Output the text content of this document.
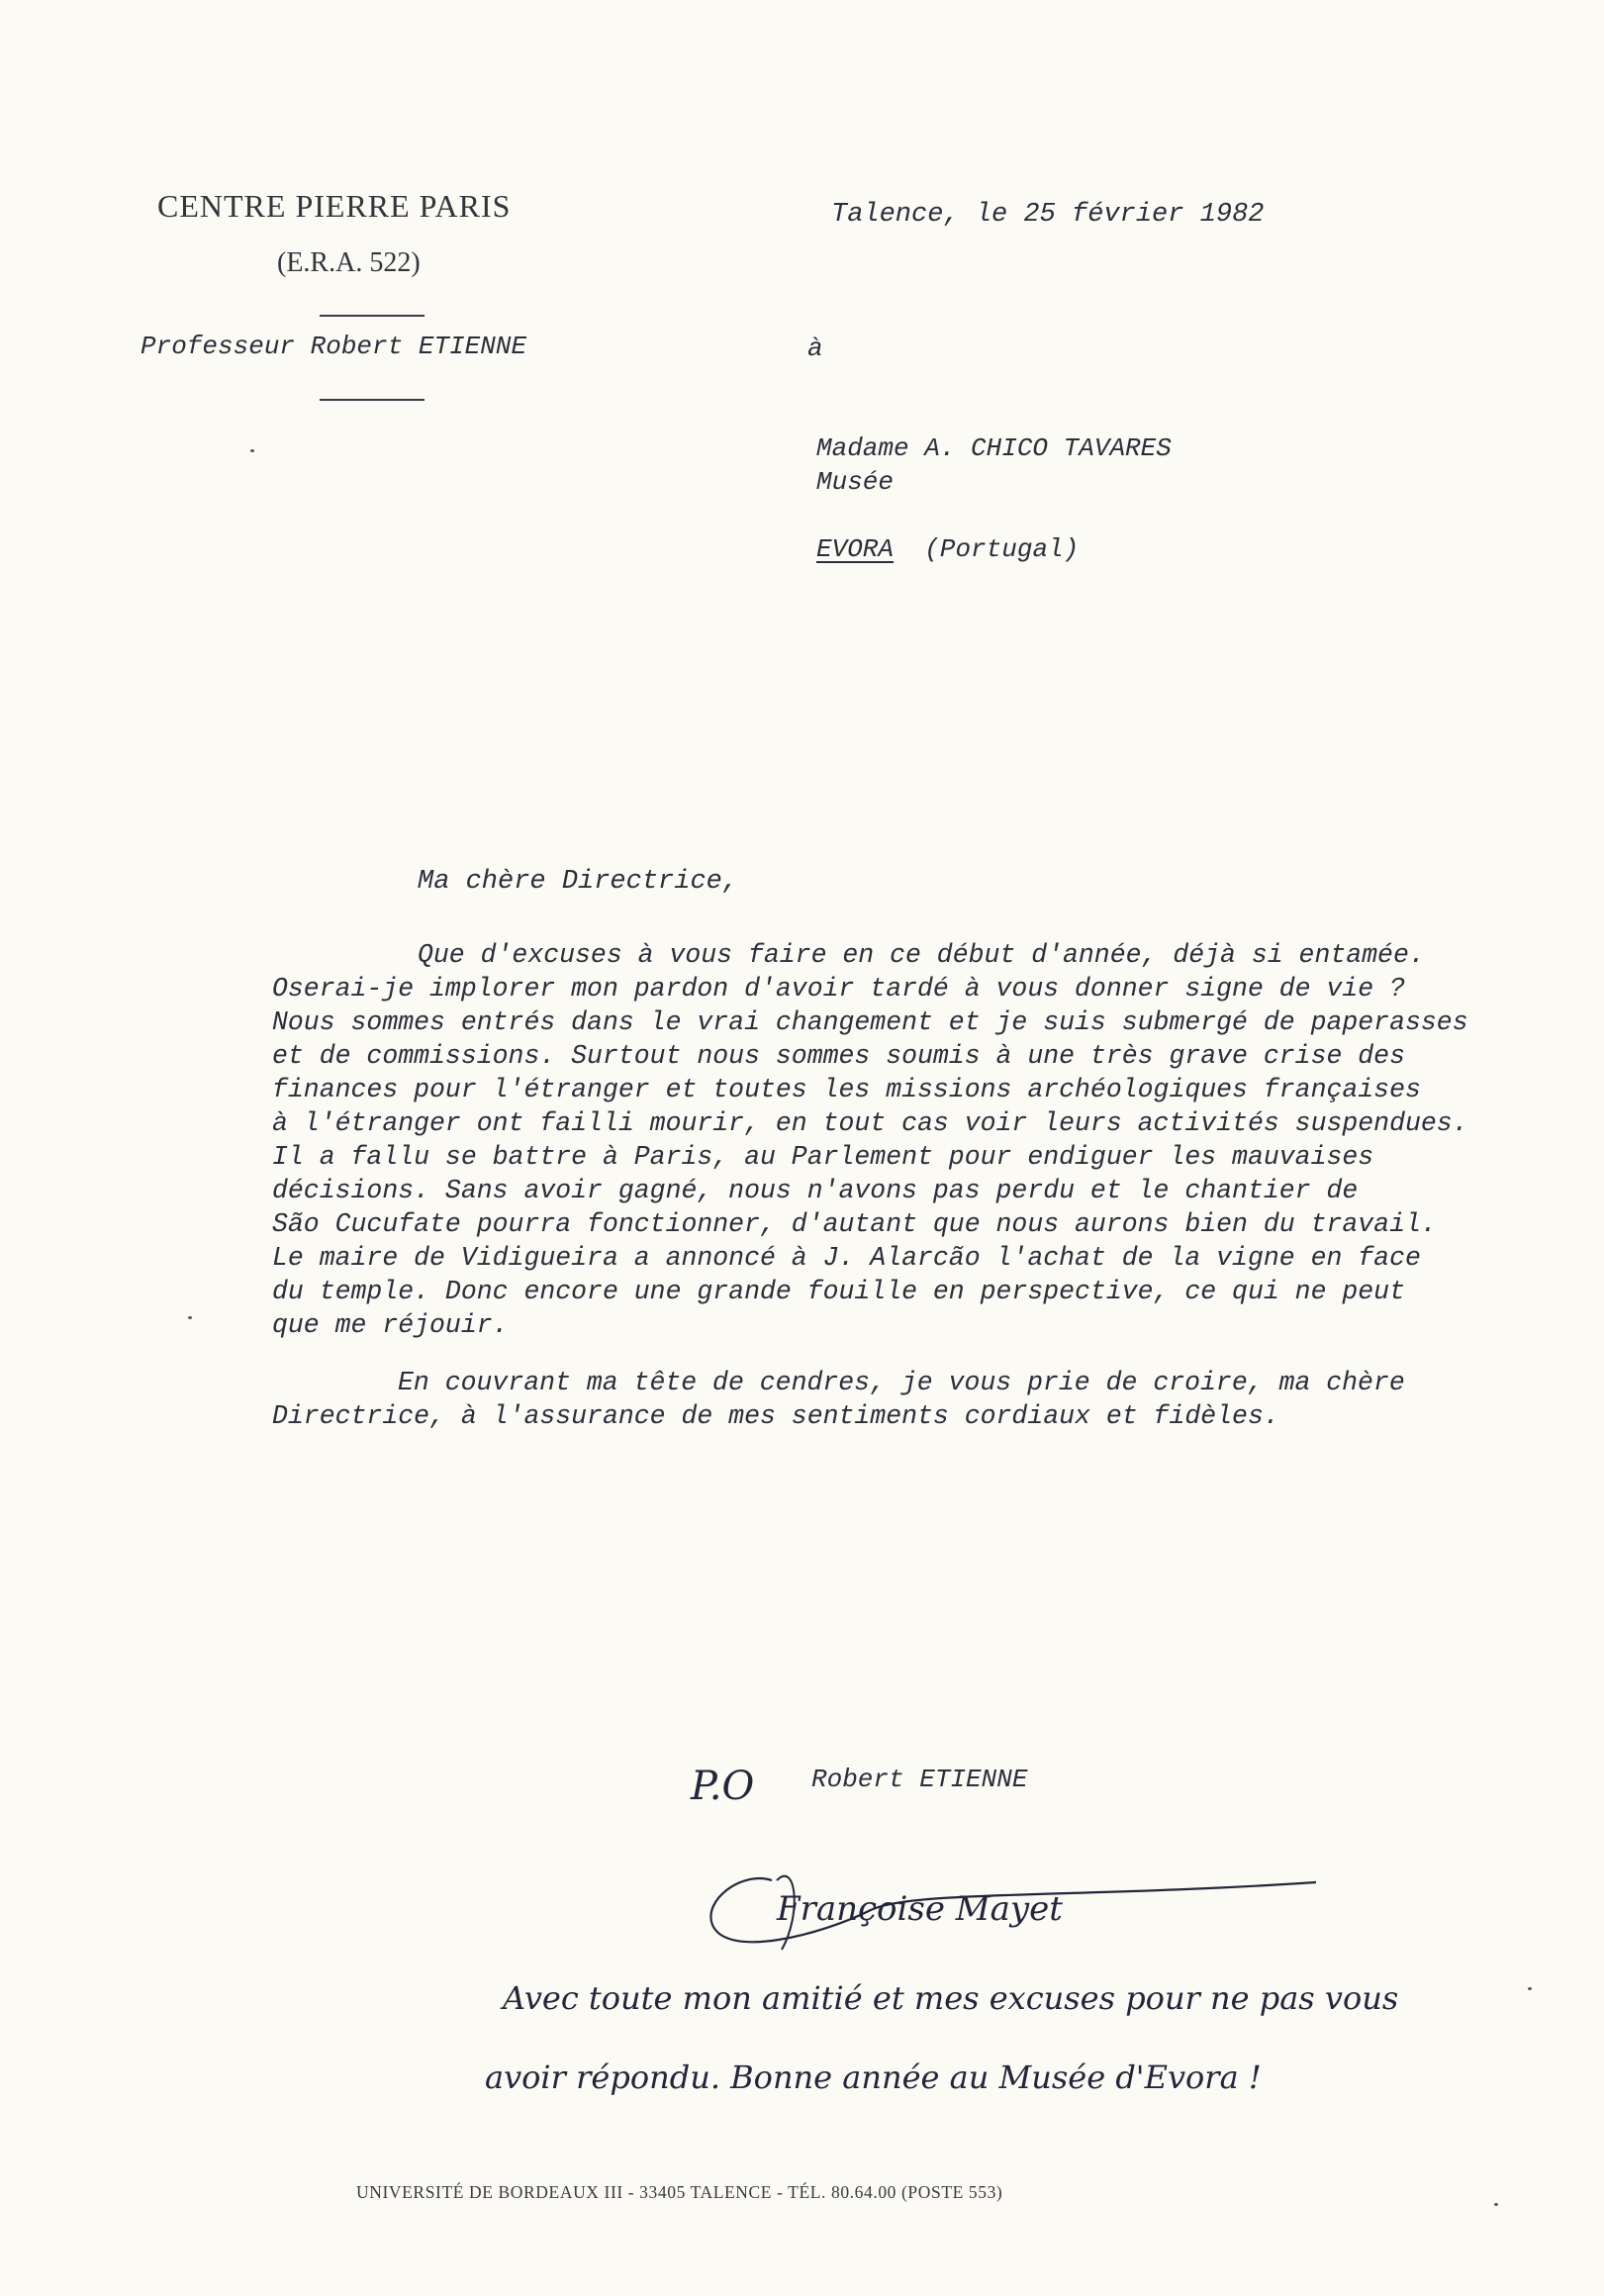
CENTRE PIERRE PARIS
(E.R.A. 522)
Professeur Robert ETIENNE
Talence, le 25 février 1982
à
Madame A. CHICO TAVARES
Musée
EVORA (Portugal)
Ma chère Directrice,
Que d'excuses à vous faire en ce début d'année, déjà si entamée.
Oserai-je implorer mon pardon d'avoir tardé à vous donner signe de vie ?
Nous sommes entrés dans le vrai changement et je suis submergé de paperasses
et de commissions. Surtout nous sommes soumis à une très grave crise des
finances pour l'étranger et toutes les missions archéologiques françaises
à l'étranger ont failli mourir, en tout cas voir leurs activités suspendues.
Il a fallu se battre à Paris, au Parlement pour endiguer les mauvaises
décisions. Sans avoir gagné, nous n'avons pas perdu et le chantier de
São Cucufate pourra fonctionner, d'autant que nous aurons bien du travail.
Le maire de Vidigueira a annoncé à J. Alarcão l'achat de la vigne en face
du temple. Donc encore une grande fouille en perspective, ce qui ne peut
que me réjouir.
En couvrant ma tête de cendres, je vous prie de croire, ma chère
Directrice, à l'assurance de mes sentiments cordiaux et fidèles.
Robert ETIENNE
P.O
Françoise Mayet
Avec toute mon amitié et mes excuses pour ne pas vous
avoir répondu. Bonne année au Musée d'Evora !
UNIVERSITÉ DE BORDEAUX III - 33405 TALENCE - TÉL. 80.64.00 (POSTE 553)
